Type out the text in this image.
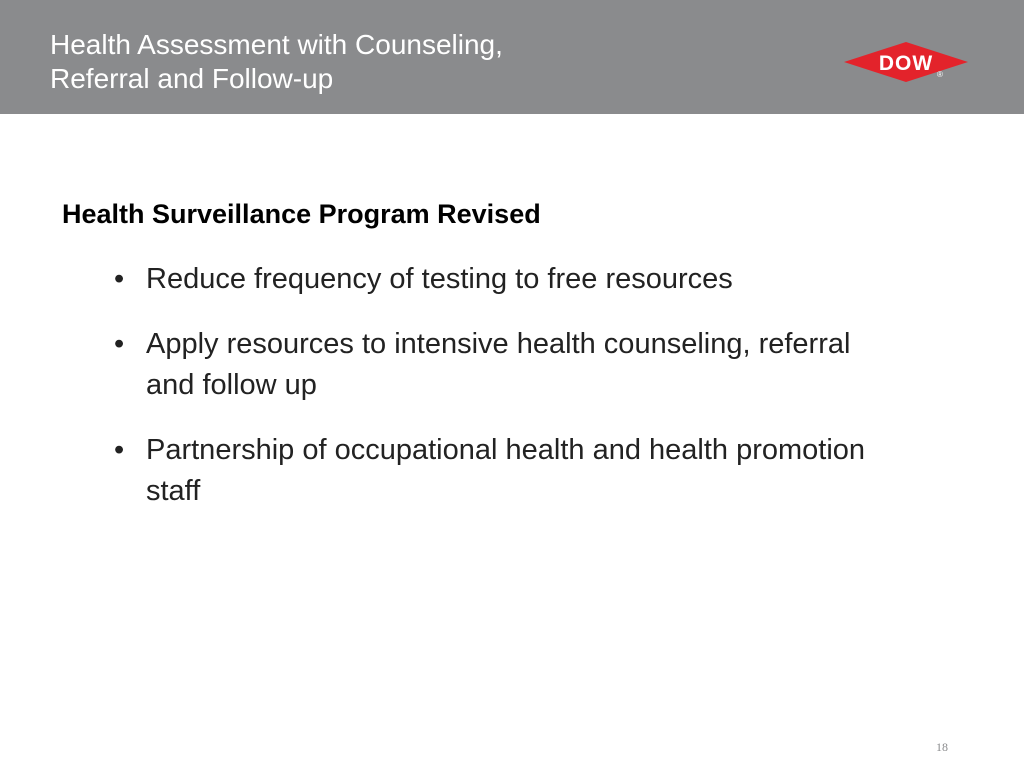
Health Assessment with Counseling,
Referral and Follow-up	DOW ®
Health Surveillance Program Revised
• Reduce frequency of testing to free resources
• Apply resources to intensive health counseling, referral and follow up
• Partnership of occupational health and health promotion staff
18
